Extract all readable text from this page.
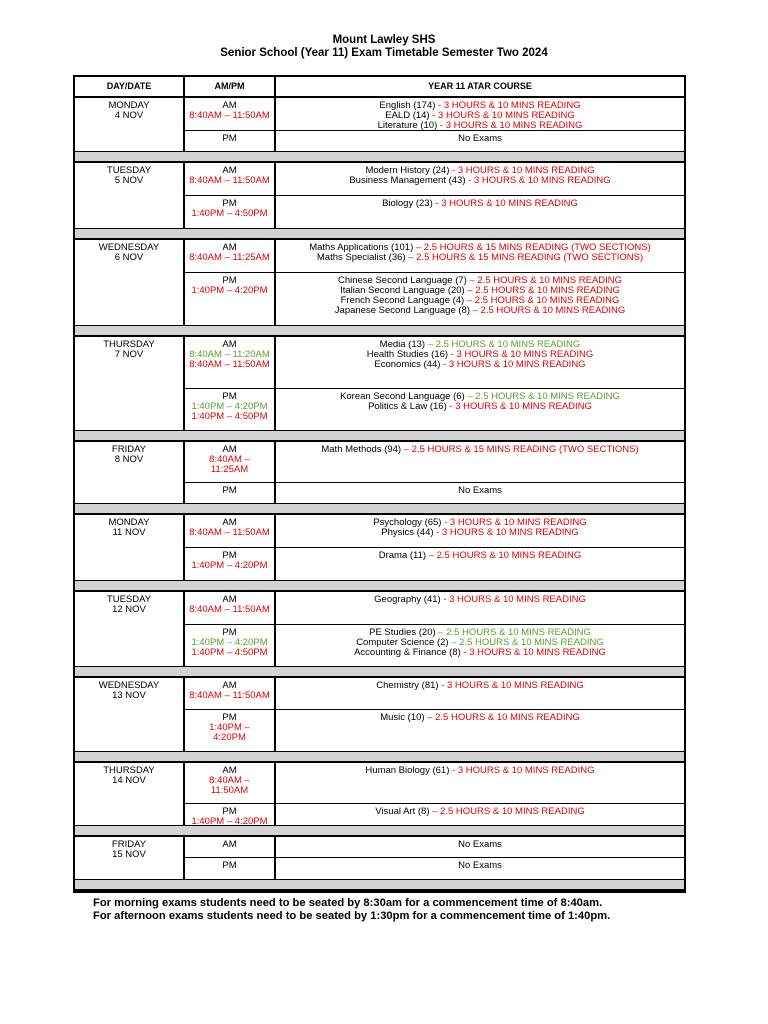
Mount Lawley SHS
Senior School (Year 11) Exam Timetable Semester Two 2024
DAY/DATE	AM/PM	YEAR 11 ATAR COURSE
MONDAY
4 NOV
AM
8:40AM – 11:50AM
PM
English (174) - 3 HOURS & 10 MINS READING
EALD (14) - 3 HOURS & 10 MINS READING
Literature (10) - 3 HOURS & 10 MINS READING
No Exams
TUESDAY
5 NOV
AM
8:40AM – 11:50AM
PM
1:40PM – 4:50PM
Modern History (24) - 3 HOURS & 10 MINS READING
Business Management (43) - 3 HOURS & 10 MINS READING
Biology (23) - 3 HOURS & 10 MINS READING
WEDNESDAY
6 NOV
AM
8:40AM – 11:25AM
PM
1:40PM – 4:20PM
Maths Applications (101) – 2.5 HOURS & 15 MINS READING (TWO SECTIONS)
Maths Specialist (36) – 2.5 HOURS & 15 MINS READING (TWO SECTIONS)
Chinese Second Language (7) – 2.5 HOURS & 10 MINS READING
Italian Second Language (20) – 2.5 HOURS & 10 MINS READING
French Second Language (4) – 2.5 HOURS & 10 MINS READING
Japanese Second Language (8) – 2.5 HOURS & 10 MINS READING
THURSDAY
7 NOV
AM
8:40AM – 11:20AM
8:40AM – 11:50AM
PM
1:40PM – 4:20PM
1:40PM – 4:50PM
Media (13) – 2.5 HOURS & 10 MINS READING
Health Studies (16) - 3 HOURS & 10 MINS READING
Economics (44) - 3 HOURS & 10 MINS READING
Korean Second Language (6) – 2.5 HOURS & 10 MINS READING
Politics & Law (16) - 3 HOURS & 10 MINS READING
FRIDAY
8 NOV
AM
8:40AM –
11:25AM
PM
Math Methods (94) – 2.5 HOURS & 15 MINS READING (TWO SECTIONS)
No Exams
MONDAY
11 NOV
AM
8:40AM – 11:50AM
PM
1:40PM – 4:20PM
Psychology (65) - 3 HOURS & 10 MINS READING
Physics (44) - 3 HOURS & 10 MINS READING
Drama (11) – 2.5 HOURS & 10 MINS READING
TUESDAY
12 NOV
AM
8:40AM – 11:50AM
PM
1:40PM – 4:20PM
1:40PM – 4:50PM
Geography (41) - 3 HOURS & 10 MINS READING
PE Studies (20) – 2.5 HOURS & 10 MINS READING
Computer Science (2) – 2.5 HOURS & 10 MINS READING
Accounting & Finance (8) - 3 HOURS & 10 MINS READING
WEDNESDAY
13 NOV
AM
8:40AM – 11:50AM
PM
1:40PM –
4:20PM
Chemistry (81) - 3 HOURS & 10 MINS READING
Music (10) – 2.5 HOURS & 10 MINS READING
THURSDAY
14 NOV
AM
8:40AM –
11:50AM
PM
1:40PM – 4:20PM
Human Biology (61) - 3 HOURS & 10 MINS READING
Visual Art (8) – 2.5 HOURS & 10 MINS READING
FRIDAY
15 NOV
AM
PM
No Exams
No Exams
For morning exams students need to be seated by 8:30am for a commencement time of 8:40am.
For afternoon exams students need to be seated by 1:30pm for a commencement time of 1:40pm.
